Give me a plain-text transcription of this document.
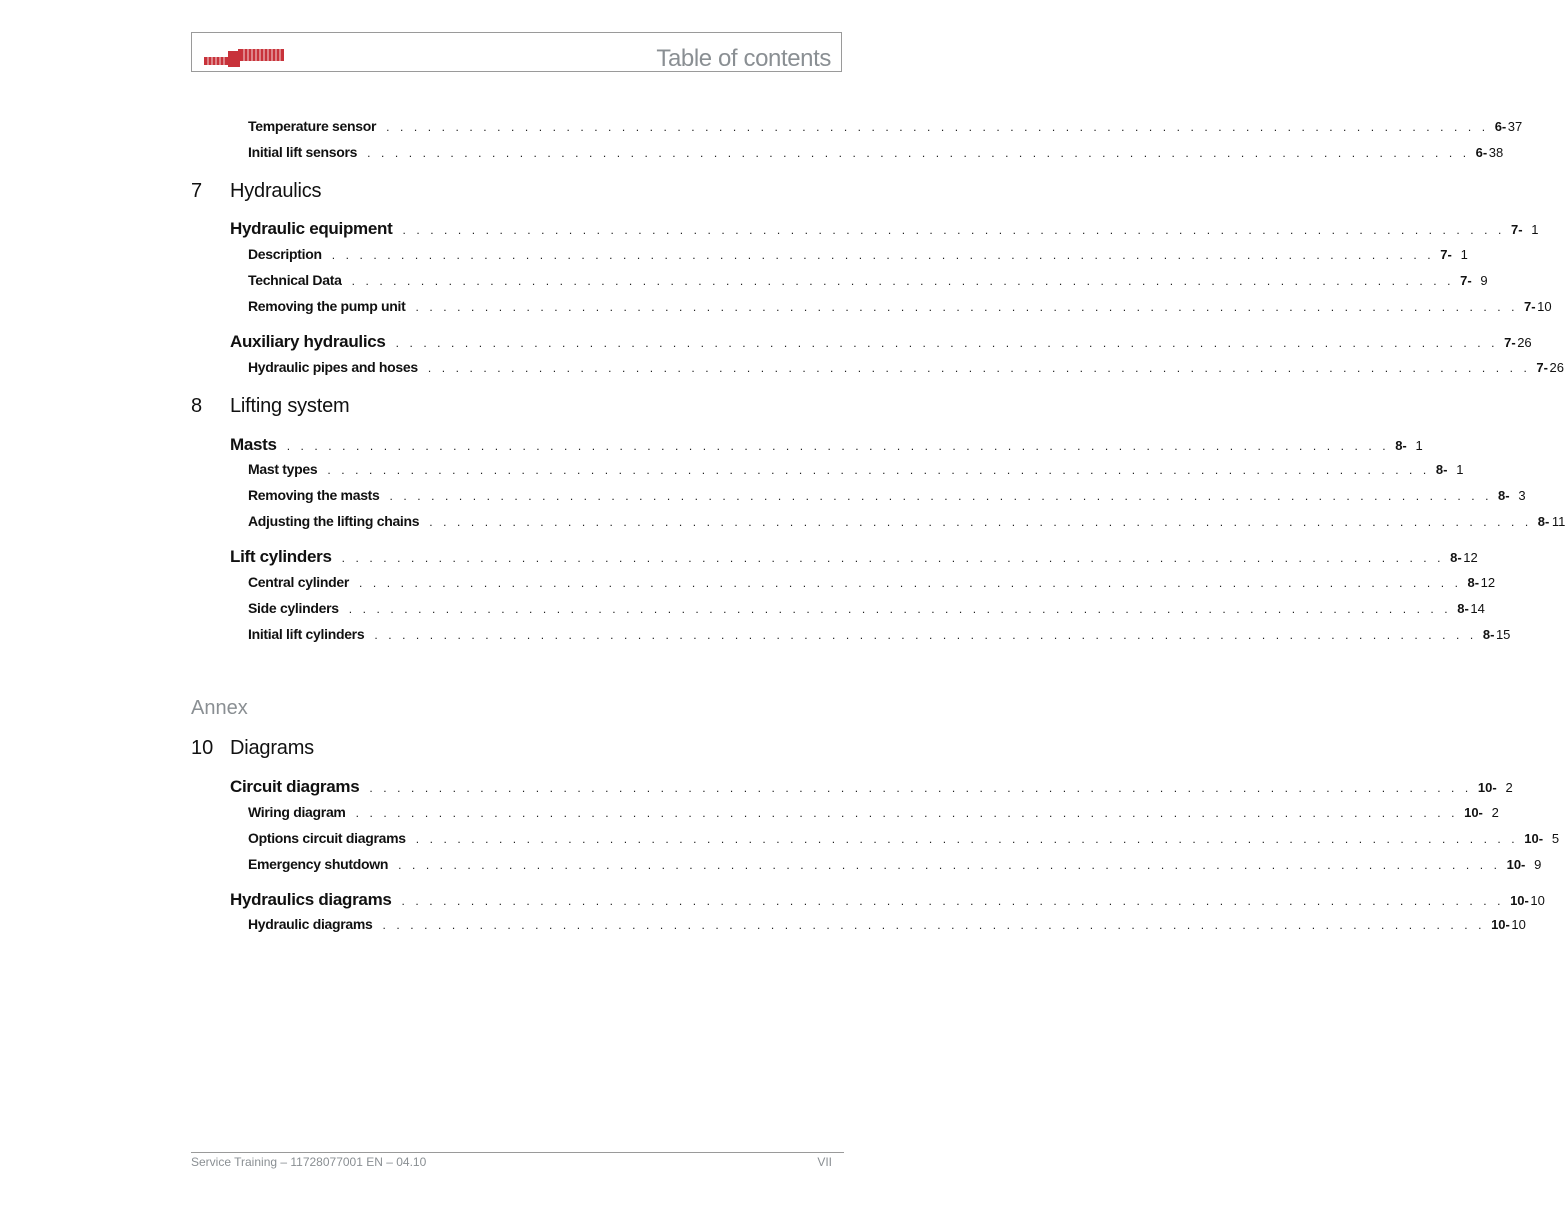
Table of contents
Temperature sensor . . . . . . . . . . . . . . . . . . . . . . . . . . . . . . . . . . . . . . . . . . . . . . . . . . . . . . . . . . . . . . . . . . . . . . . . . . . . . . . . 6- 37
Initial lift sensors . . . . . . . . . . . . . . . . . . . . . . . . . . . . . . . . . . . . . . . . . . . . . . . . . . . . . . . . . . . . . . . . . . . . . . . . . . . . . . . . 6- 38
7 Hydraulics
Hydraulic equipment . . . . . . . . . . . . . . . . . . . . . . . . . . . . . . . . . . . . . . . . . . . . . . . . . . . . . . . . . . . . . . . . . . . . . . . . . . . . . . . . 7- 1
Description . . . . . . . . . . . . . . . . . . . . . . . . . . . . . . . . . . . . . . . . . . . . . . . . . . . . . . . . . . . . . . . . . . . . . . . . . . . . . . . . 7- 1
Technical Data . . . . . . . . . . . . . . . . . . . . . . . . . . . . . . . . . . . . . . . . . . . . . . . . . . . . . . . . . . . . . . . . . . . . . . . . . . . . . . . . 7- 9
Removing the pump unit . . . . . . . . . . . . . . . . . . . . . . . . . . . . . . . . . . . . . . . . . . . . . . . . . . . . . . . . . . . . . . . . . . . . . . . . . . . . . . . . 7- 10
Auxiliary hydraulics . . . . . . . . . . . . . . . . . . . . . . . . . . . . . . . . . . . . . . . . . . . . . . . . . . . . . . . . . . . . . . . . . . . . . . . . . . . . . . . . 7- 26
Hydraulic pipes and hoses . . . . . . . . . . . . . . . . . . . . . . . . . . . . . . . . . . . . . . . . . . . . . . . . . . . . . . . . . . . . . . . . . . . . . . . . . . . . . . . . 7- 26
8 Lifting system
Masts . . . . . . . . . . . . . . . . . . . . . . . . . . . . . . . . . . . . . . . . . . . . . . . . . . . . . . . . . . . . . . . . . . . . . . . . . . . . . . . . 8- 1
Mast types . . . . . . . . . . . . . . . . . . . . . . . . . . . . . . . . . . . . . . . . . . . . . . . . . . . . . . . . . . . . . . . . . . . . . . . . . . . . . . . . 8- 1
Removing the masts . . . . . . . . . . . . . . . . . . . . . . . . . . . . . . . . . . . . . . . . . . . . . . . . . . . . . . . . . . . . . . . . . . . . . . . . . . . . . . . . 8- 3
Adjusting the lifting chains . . . . . . . . . . . . . . . . . . . . . . . . . . . . . . . . . . . . . . . . . . . . . . . . . . . . . . . . . . . . . . . . . . . . . . . . . . . . . . . . 8- 11
Lift cylinders . . . . . . . . . . . . . . . . . . . . . . . . . . . . . . . . . . . . . . . . . . . . . . . . . . . . . . . . . . . . . . . . . . . . . . . . . . . . . . . . 8- 12
Central cylinder . . . . . . . . . . . . . . . . . . . . . . . . . . . . . . . . . . . . . . . . . . . . . . . . . . . . . . . . . . . . . . . . . . . . . . . . . . . . . . . . 8- 12
Side cylinders . . . . . . . . . . . . . . . . . . . . . . . . . . . . . . . . . . . . . . . . . . . . . . . . . . . . . . . . . . . . . . . . . . . . . . . . . . . . . . . . 8- 14
Initial lift cylinders . . . . . . . . . . . . . . . . . . . . . . . . . . . . . . . . . . . . . . . . . . . . . . . . . . . . . . . . . . . . . . . . . . . . . . . . . . . . . . . . 8- 15
10 Diagrams
Circuit diagrams . . . . . . . . . . . . . . . . . . . . . . . . . . . . . . . . . . . . . . . . . . . . . . . . . . . . . . . . . . . . . . . . . . . . . . . . . . . . . . . . 10- 2
Wiring diagram . . . . . . . . . . . . . . . . . . . . . . . . . . . . . . . . . . . . . . . . . . . . . . . . . . . . . . . . . . . . . . . . . . . . . . . . . . . . . . . . 10- 2
Options circuit diagrams . . . . . . . . . . . . . . . . . . . . . . . . . . . . . . . . . . . . . . . . . . . . . . . . . . . . . . . . . . . . . . . . . . . . . . . . . . . . . . . . 10- 5
Emergency shutdown . . . . . . . . . . . . . . . . . . . . . . . . . . . . . . . . . . . . . . . . . . . . . . . . . . . . . . . . . . . . . . . . . . . . . . . . . . . . . . . . 10- 9
Hydraulics diagrams . . . . . . . . . . . . . . . . . . . . . . . . . . . . . . . . . . . . . . . . . . . . . . . . . . . . . . . . . . . . . . . . . . . . . . . . . . . . . . . . 10- 10
Hydraulic diagrams . . . . . . . . . . . . . . . . . . . . . . . . . . . . . . . . . . . . . . . . . . . . . . . . . . . . . . . . . . . . . . . . . . . . . . . . . . . . . . . . 10- 10
Annex
Service Training – 11728077001 EN – 04.10	VII
